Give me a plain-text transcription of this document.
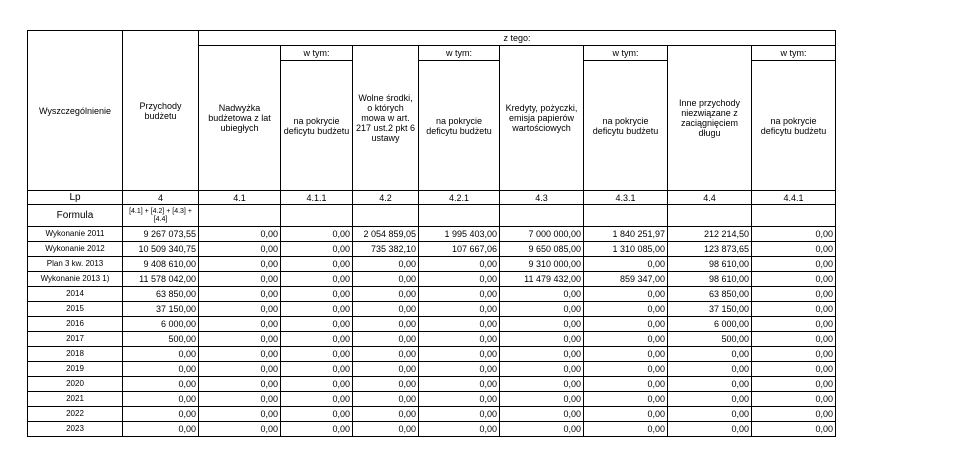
Wyszczególnienie	Przychody budżetu	z tego:							
		Nadwyżka budżetowa z lat ubiegłych	w tym:	Wolne środki, o których mowa w art. 217 ust.2 pkt 6 ustawy	w tym:	Kredyty, pożyczki, emisja papierów wartościowych	w tym:	Inne przychody niezwiązane z zaciągnięciem długu	w tym:
			na pokrycie deficytu budżetu		na pokrycie deficytu budżetu		na pokrycie deficytu budżetu		na pokrycie deficytu budżetu
Lp	4	4.1	4.1.1	4.2	4.2.1	4.3	4.3.1	4.4	4.4.1
Formula	[4.1] + [4.2] + [4.3] + [4.4]								
Wykonanie 2011	9 267 073,55	0,00	0,00	2 054 859,05	1 995 403,00	7 000 000,00	1 840 251,97	212 214,50	0,00
Wykonanie 2012	10 509 340,75	0,00	0,00	735 382,10	107 667,06	9 650 085,00	1 310 085,00	123 873,65	0,00
Plan 3 kw. 2013	9 408 610,00	0,00	0,00	0,00	0,00	9 310 000,00	0,00	98 610,00	0,00
Wykonanie 2013 1)	11 578 042,00	0,00	0,00	0,00	0,00	11 479 432,00	859 347,00	98 610,00	0,00
2014	63 850,00	0,00	0,00	0,00	0,00	0,00	0,00	63 850,00	0,00
2015	37 150,00	0,00	0,00	0,00	0,00	0,00	0,00	37 150,00	0,00
2016	6 000,00	0,00	0,00	0,00	0,00	0,00	0,00	6 000,00	0,00
2017	500,00	0,00	0,00	0,00	0,00	0,00	0,00	500,00	0,00
2018	0,00	0,00	0,00	0,00	0,00	0,00	0,00	0,00	0,00
2019	0,00	0,00	0,00	0,00	0,00	0,00	0,00	0,00	0,00
2020	0,00	0,00	0,00	0,00	0,00	0,00	0,00	0,00	0,00
2021	0,00	0,00	0,00	0,00	0,00	0,00	0,00	0,00	0,00
2022	0,00	0,00	0,00	0,00	0,00	0,00	0,00	0,00	0,00
2023	0,00	0,00	0,00	0,00	0,00	0,00	0,00	0,00	0,00
